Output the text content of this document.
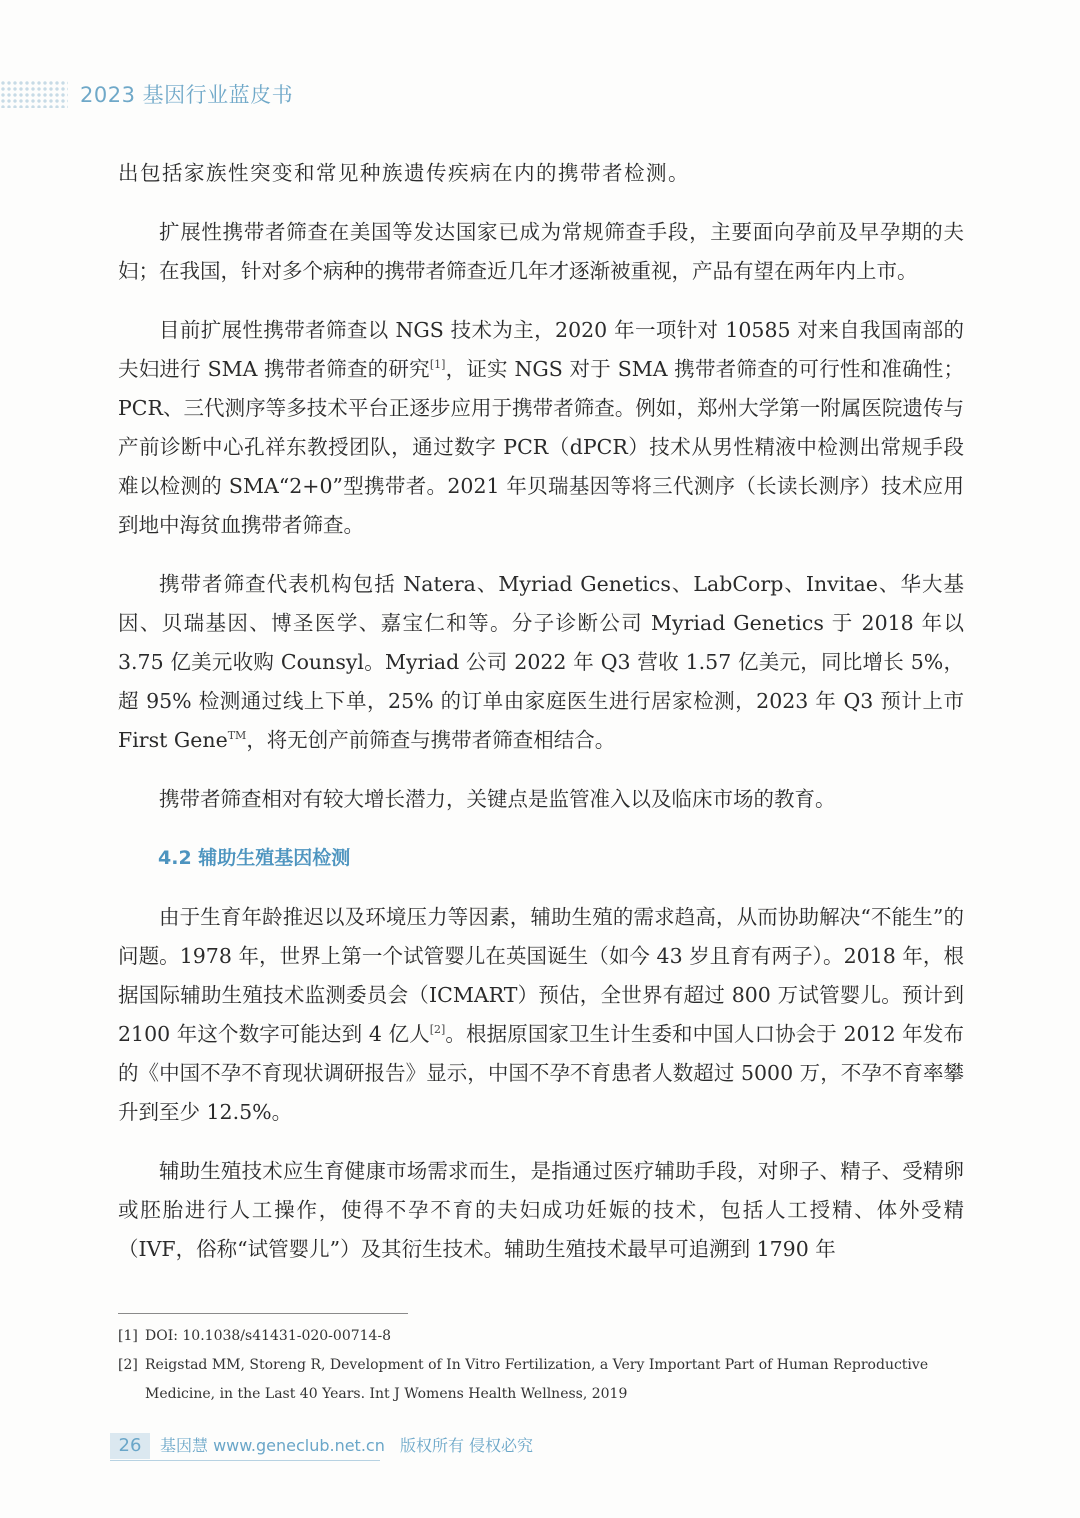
2023 基因行业蓝皮书

出包括家族性突变和常见种族遗传疾病在内的携带者检测。

扩展性携带者筛查在美国等发达国家已成为常规筛查手段，主要面向孕前及早孕期的夫妇；在我国，针对多个病种的携带者筛查近几年才逐渐被重视，产品有望在两年内上市。

目前扩展性携带者筛查以 NGS 技术为主，2020 年一项针对 10585 对来自我国南部的夫妇进行 SMA 携带者筛查的研究[1]，证实 NGS 对于 SMA 携带者筛查的可行性和准确性；PCR、三代测序等多技术平台正逐步应用于携带者筛查。例如，郑州大学第一附属医院遗传与产前诊断中心孔祥东教授团队，通过数字 PCR（dPCR）技术从男性精液中检测出常规手段难以检测的 SMA“2+0”型携带者。2021 年贝瑞基因等将三代测序（长读长测序）技术应用到地中海贫血携带者筛查。

携带者筛查代表机构包括 Natera、Myriad Genetics、LabCorp、Invitae、华大基因、贝瑞基因、博圣医学、嘉宝仁和等。分子诊断公司 Myriad Genetics 于 2018 年以 3.75 亿美元收购 Counsyl。Myriad 公司 2022 年 Q3 营收 1.57 亿美元，同比增长 5%，超 95% 检测通过线上下单，25% 的订单由家庭医生进行居家检测，2023 年 Q3 预计上市 First Gene™，将无创产前筛查与携带者筛查相结合。

携带者筛查相对有较大增长潜力，关键点是监管准入以及临床市场的教育。

4.2 辅助生殖基因检测

由于生育年龄推迟以及环境压力等因素，辅助生殖的需求趋高，从而协助解决“不能生”的问题。1978 年，世界上第一个试管婴儿在英国诞生（如今 43 岁且育有两子）。2018 年，根据国际辅助生殖技术监测委员会（ICMART）预估，全世界有超过 800 万试管婴儿。预计到 2100 年这个数字可能达到 4 亿人[2]。根据原国家卫生计生委和中国人口协会于 2012 年发布的《中国不孕不育现状调研报告》显示，中国不孕不育患者人数超过 5000 万，不孕不育率攀升到至少 12.5%。

辅助生殖技术应生育健康市场需求而生，是指通过医疗辅助手段，对卵子、精子、受精卵或胚胎进行人工操作，使得不孕不育的夫妇成功妊娠的技术，包括人工授精、体外受精（IVF，俗称“试管婴儿”）及其衍生技术。辅助生殖技术最早可追溯到 1790 年

[1] DOI: 10.1038/s41431-020-00714-8
[2] Reigstad MM, Storeng R, Development of In Vitro Fertilization, a Very Important Part of Human Reproductive Medicine, in the Last 40 Years. Int J Womens Health Wellness, 2019
26	基因慧 www.geneclub.net.cn 版权所有 侵权必究
